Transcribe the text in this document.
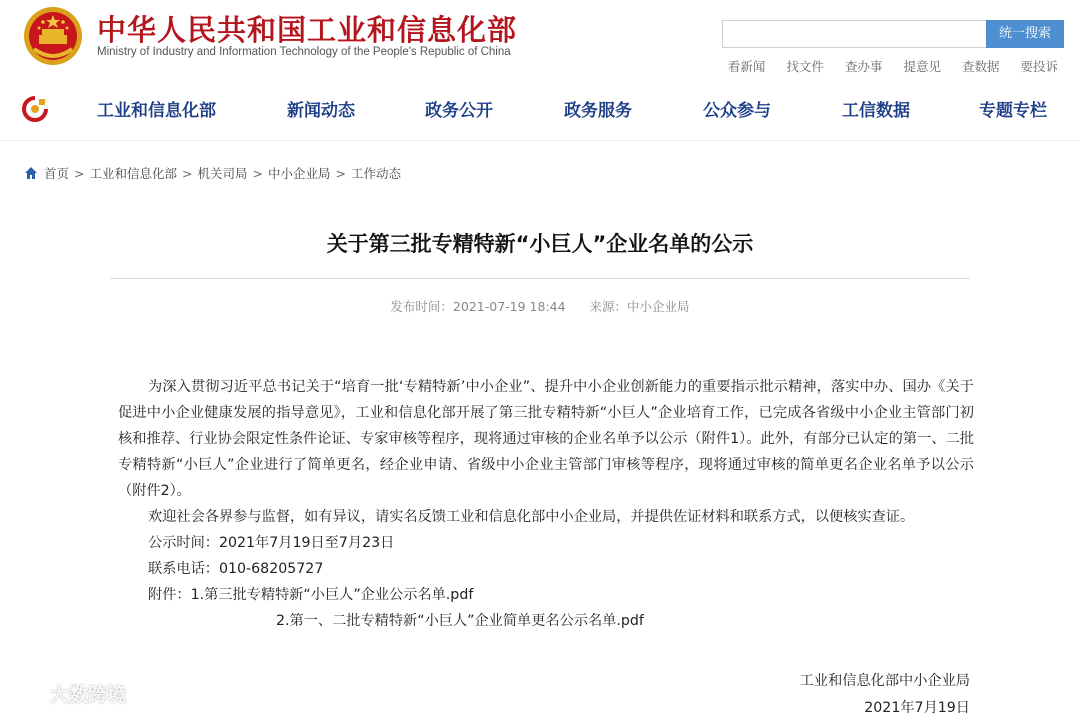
中华人民共和国工业和信息化部
Ministry of Industry and Information Technology of the People's Republic of China
统一搜索
看新闻 找文件 查办事 提意见 查数据 要投诉
工业和信息化部	新闻动态	政务公开	政务服务	公众参与	工信数据	专题专栏
首页 > 工业和信息化部 > 机关司局 > 中小企业局 > 工作动态
关于第三批专精特新“小巨人”企业名单的公示
发布时间：2021-07-19 18:44 来源：中小企业局

为深入贯彻习近平总书记关于“培育一批‘专精特新’中小企业”、提升中小企业创新能力的重要指示批示精神，落实中办、国办《关于促进中小企业健康发展的指导意见》，工业和信息化部开展了第三批专精特新“小巨人”企业培育工作，已完成各省级中小企业主管部门初核和推荐、行业协会限定性条件论证、专家审核等程序，现将通过审核的企业名单予以公示（附件1）。此外，有部分已认定的第一、二批专精特新“小巨人”企业进行了简单更名，经企业申请、省级中小企业主管部门审核等程序，现将通过审核的简单更名企业名单予以公示（附件2）。

欢迎社会各界参与监督，如有异议，请实名反馈工业和信息化部中小企业局，并提供佐证材料和联系方式，以便核实查证。

公示时间：2021年7月19日至7月23日

联系电话：010-68205727

附件：1.第三批专精特新“小巨人”企业公示名单.pdf

2.第一、二批专精特新“小巨人”企业简单更名公示名单.pdf

工业和信息化部中小企业局
2021年7月19日
大数跨境
